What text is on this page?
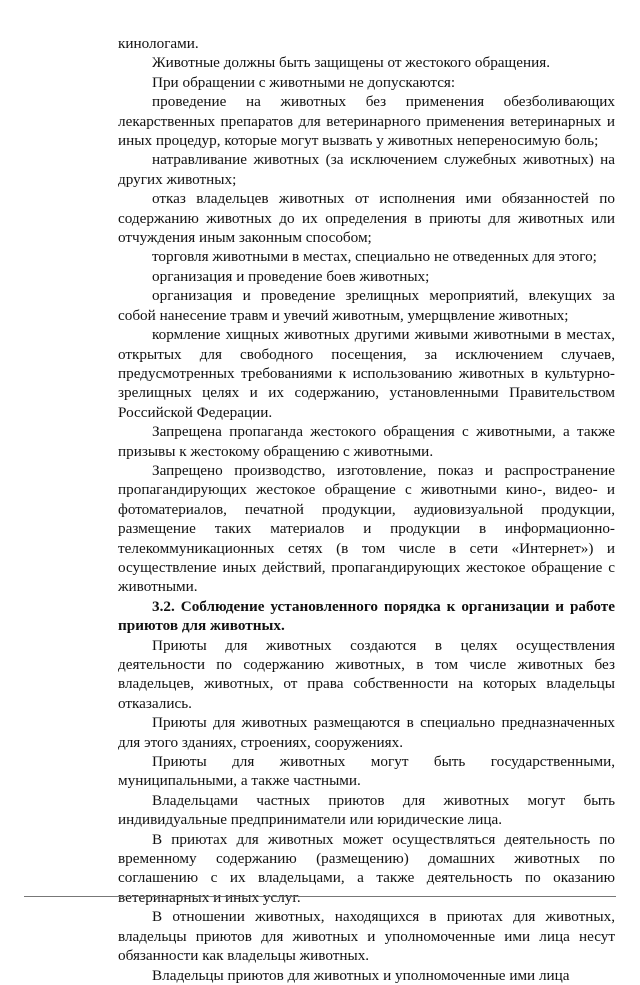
кинологами.

Животные должны быть защищены от жестокого обращения.

При обращении с животными не допускаются:

проведение на животных без применения обезболивающих лекарственных препаратов для ветеринарного применения ветеринарных и иных процедур, которые могут вызвать у животных непереносимую боль;

натравливание животных (за исключением служебных животных) на других животных;

отказ владельцев животных от исполнения ими обязанностей по содержанию животных до их определения в приюты для животных или отчуждения иным законным способом;

торговля животными в местах, специально не отведенных для этого;

организация и проведение боев животных;

организация и проведение зрелищных мероприятий, влекущих за собой нанесение травм и увечий животным, умерщвление животных;

кормление хищных животных другими живыми животными в местах, открытых для свободного посещения, за исключением случаев, предусмотренных требованиями к использованию животных в культурно-зрелищных целях и их содержанию, установленными Правительством Российской Федерации.

Запрещена пропаганда жестокого обращения с животными, а также призывы к жестокому обращению с животными.

Запрещено производство, изготовление, показ и распространение пропагандирующих жестокое обращение с животными кино-, видео- и фотоматериалов, печатной продукции, аудиовизуальной продукции, размещение таких материалов и продукции в информационно-телекоммуникационных сетях (в том числе в сети «Интернет») и осуществление иных действий, пропагандирующих жестокое обращение с животными.

3.2. Соблюдение установленного порядка к организации и работе приютов для животных.

Приюты для животных создаются в целях осуществления деятельности по содержанию животных, в том числе животных без владельцев, животных, от права собственности на которых владельцы отказались.

Приюты для животных размещаются в специально предназначенных для этого зданиях, строениях, сооружениях.

Приюты для животных могут быть государственными, муниципальными, а также частными.

Владельцами частных приютов для животных могут быть индивидуальные предприниматели или юридические лица.

В приютах для животных может осуществляться деятельность по временному содержанию (размещению) домашних животных по соглашению с их владельцами, а также деятельность по оказанию ветеринарных и иных услуг.

В отношении животных, находящихся в приютах для животных, владельцы приютов для животных и уполномоченные ими лица несут обязанности как владельцы животных.

Владельцы приютов для животных и уполномоченные ими лица
